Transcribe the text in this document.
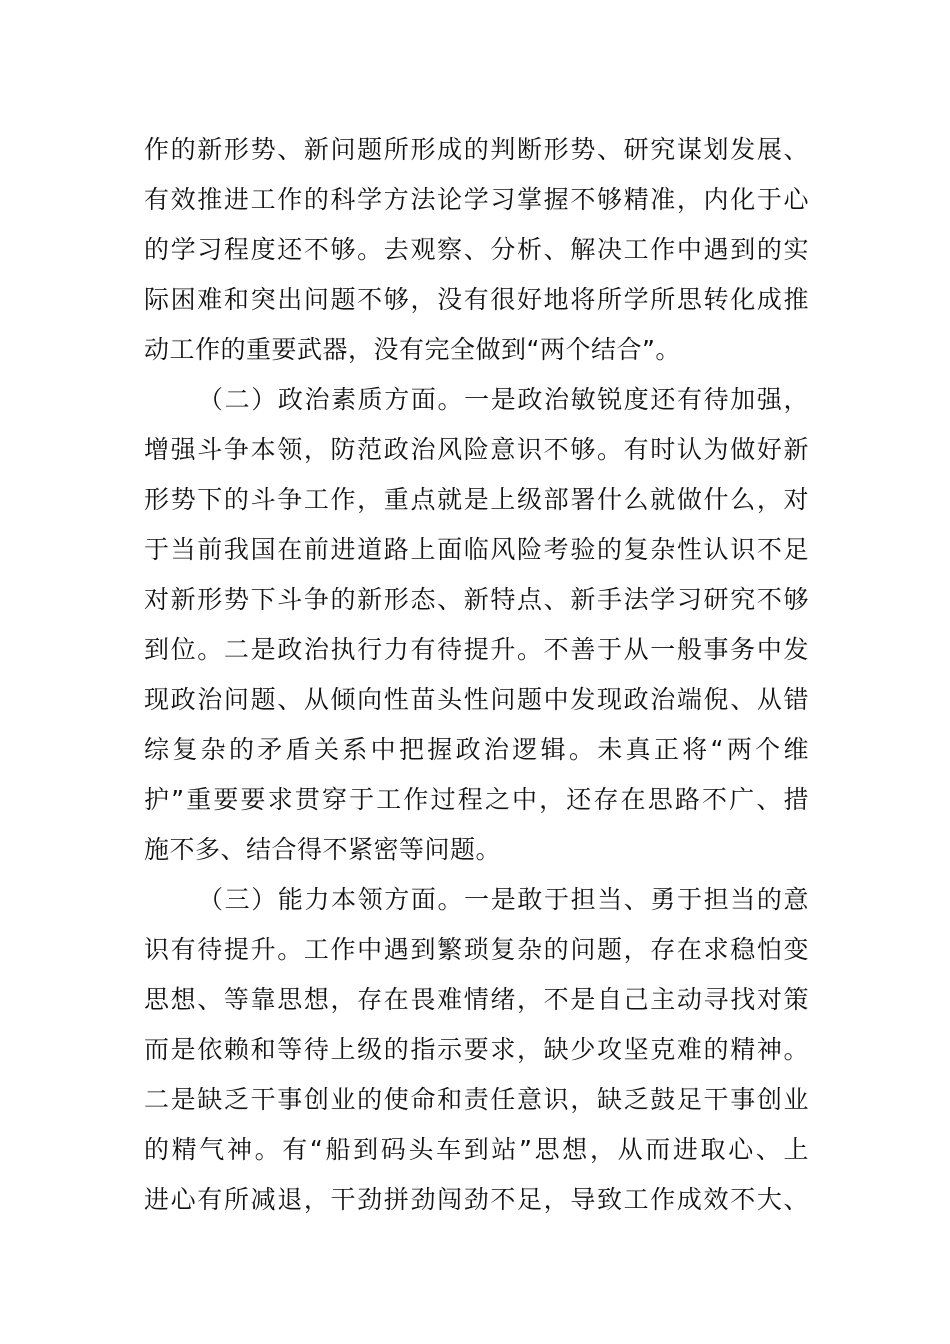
作的新形势、新问题所形成的判断形势、研究谋划发展、
有效推进工作的科学方法论学习掌握不够精准，内化于心
的学习程度还不够。去观察、分析、解决工作中遇到的实
际困难和突出问题不够，没有很好地将所学所思转化成推
动工作的重要武器，没有完全做到“两个结合”。
（二）政治素质方面。一是政治敏锐度还有待加强，
增强斗争本领，防范政治风险意识不够。有时认为做好新
形势下的斗争工作，重点就是上级部署什么就做什么，对
于当前我国在前进道路上面临风险考验的复杂性认识不足
对新形势下斗争的新形态、新特点、新手法学习研究不够
到位。二是政治执行力有待提升。不善于从一般事务中发
现政治问题、从倾向性苗头性问题中发现政治端倪、从错
综复杂的矛盾关系中把握政治逻辑。未真正将“两个维
护”重要要求贯穿于工作过程之中，还存在思路不广、措
施不多、结合得不紧密等问题。
（三）能力本领方面。一是敢于担当、勇于担当的意
识有待提升。工作中遇到繁琐复杂的问题，存在求稳怕变
思想、等靠思想，存在畏难情绪，不是自己主动寻找对策
而是依赖和等待上级的指示要求，缺少攻坚克难的精神。
二是缺乏干事创业的使命和责任意识，缺乏鼓足干事创业
的精气神。有“船到码头车到站”思想，从而进取心、上
进心有所减退，干劲拼劲闯劲不足，导致工作成效不大、
